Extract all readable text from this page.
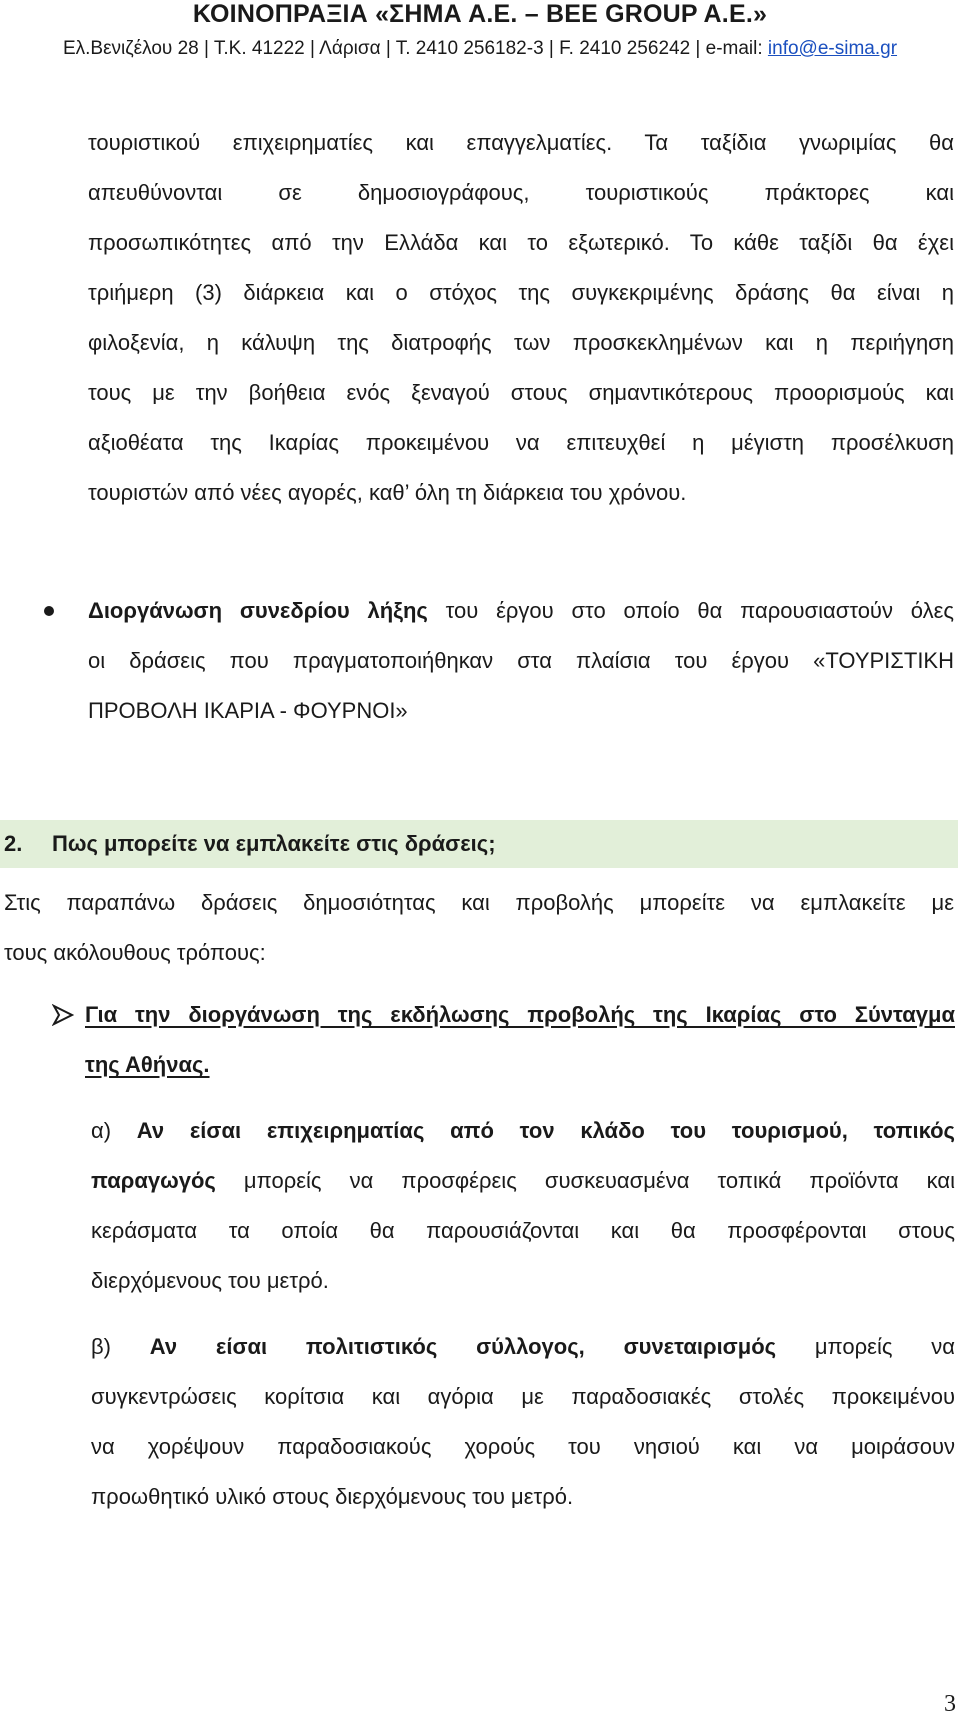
ΚΟΙΝΟΠΡΑΞΙΑ «ΣΗΜΑ Α.Ε. – BEE GROUP A.E.»
Ελ.Βενιζέλου 28 | Τ.Κ. 41222 | Λάρισα | Τ. 2410 256182-3 | F. 2410 256242 | e-mail: info@e-sima.gr
τουριστικού επιχειρηματίες και επαγγελματίες. Τα ταξίδια γνωριμίας θα
απευθύνονται σε δημοσιογράφους, τουριστικούς πράκτορες και
προσωπικότητες από την Ελλάδα και το εξωτερικό. Το κάθε ταξίδι θα έχει
τριήμερη (3) διάρκεια και ο στόχος της συγκεκριμένης δράσης θα είναι η
φιλοξενία, η κάλυψη της διατροφής των προσκεκλημένων και η περιήγηση
τους με την βοήθεια ενός ξεναγού στους σημαντικότερους προορισμούς και
αξιοθέατα της Ικαρίας προκειμένου να επιτευχθεί η μέγιστη προσέλκυση
τουριστών από νέες αγορές, καθ’ όλη τη διάρκεια του χρόνου.
Διοργάνωση συνεδρίου λήξης του έργου στο οποίο θα παρουσιαστούν όλες
οι δράσεις που πραγματοποιήθηκαν στα πλαίσια του έργου «ΤΟΥΡΙΣΤΙΚΗ
ΠΡΟΒΟΛΗ ΙΚΑΡΙΑ - ΦΟΥΡΝΟΙ»
2. Πως μπορείτε να εμπλακείτε στις δράσεις;
Στις παραπάνω δράσεις δημοσιότητας και προβολής μπορείτε να εμπλακείτε με
τους ακόλουθους τρόπους:
Για την διοργάνωση της εκδήλωσης προβολής της Ικαρίας στο Σύνταγμα
της Αθήνας.
α) Αν είσαι επιχειρηματίας από τον κλάδο του τουρισμού, τοπικός
παραγωγός μπορείς να προσφέρεις συσκευασμένα τοπικά προϊόντα και
κεράσματα τα οποία θα παρουσιάζονται και θα προσφέρονται στους
διερχόμενους του μετρό.
β) Αν είσαι πολιτιστικός σύλλογος, συνεταιρισμός μπορείς να
συγκεντρώσεις κορίτσια και αγόρια με παραδοσιακές στολές προκειμένου
να χορέψουν παραδοσιακούς χορούς του νησιού και να μοιράσουν
προωθητικό υλικό στους διερχόμενους του μετρό.
3
